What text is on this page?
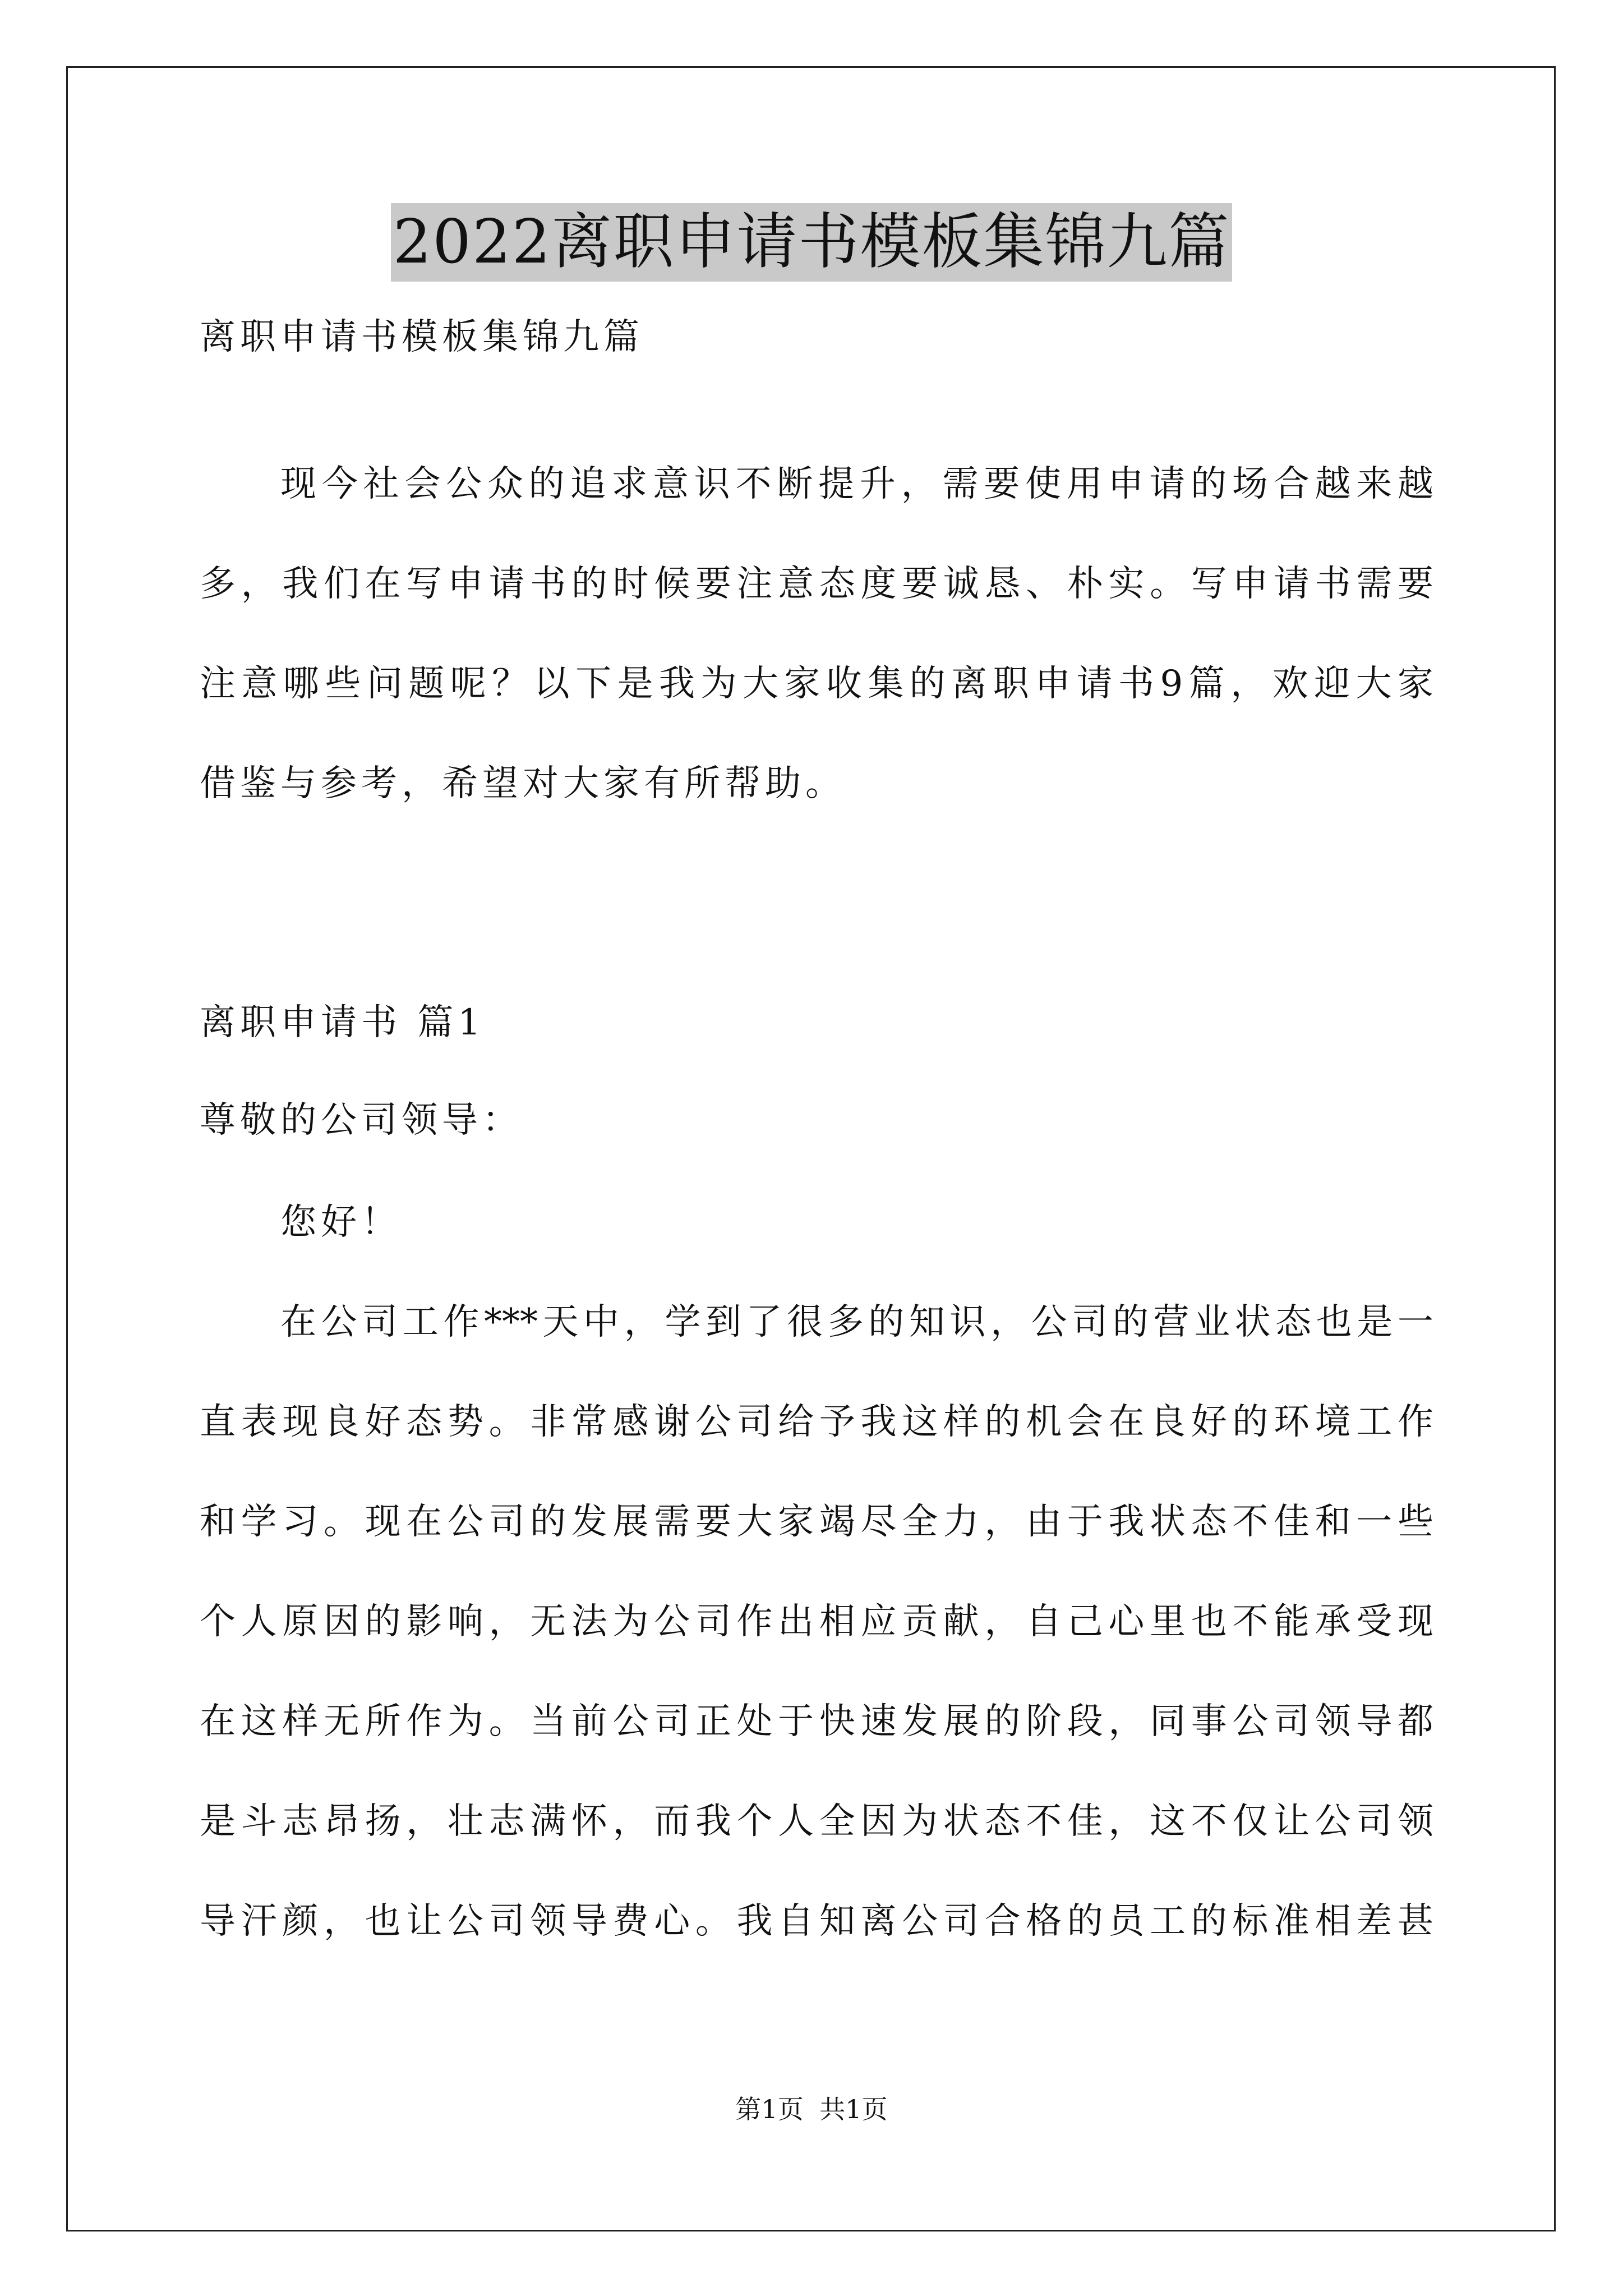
2022离职申请书模板集锦九篇
离职申请书模板集锦九篇
现今社会公众的追求意识不断提升，需要使用申请的场合越来越
多，我们在写申请书的时候要注意态度要诚恳、朴实。写申请书需要
注意哪些问题呢？以下是我为大家收集的离职申请书9篇，欢迎大家
借鉴与参考，希望对大家有所帮助。
离职申请书 篇1
尊敬的公司领导：
您好！
在公司工作***天中，学到了很多的知识，公司的营业状态也是一
直表现良好态势。非常感谢公司给予我这样的机会在良好的环境工作
和学习。现在公司的发展需要大家竭尽全力，由于我状态不佳和一些
个人原因的影响，无法为公司作出相应贡献，自己心里也不能承受现
在这样无所作为。当前公司正处于快速发展的阶段，同事公司领导都
是斗志昂扬，壮志满怀，而我个人全因为状态不佳，这不仅让公司领
导汗颜，也让公司领导费心。我自知离公司合格的员工的标准相差甚
第1页 共1页
